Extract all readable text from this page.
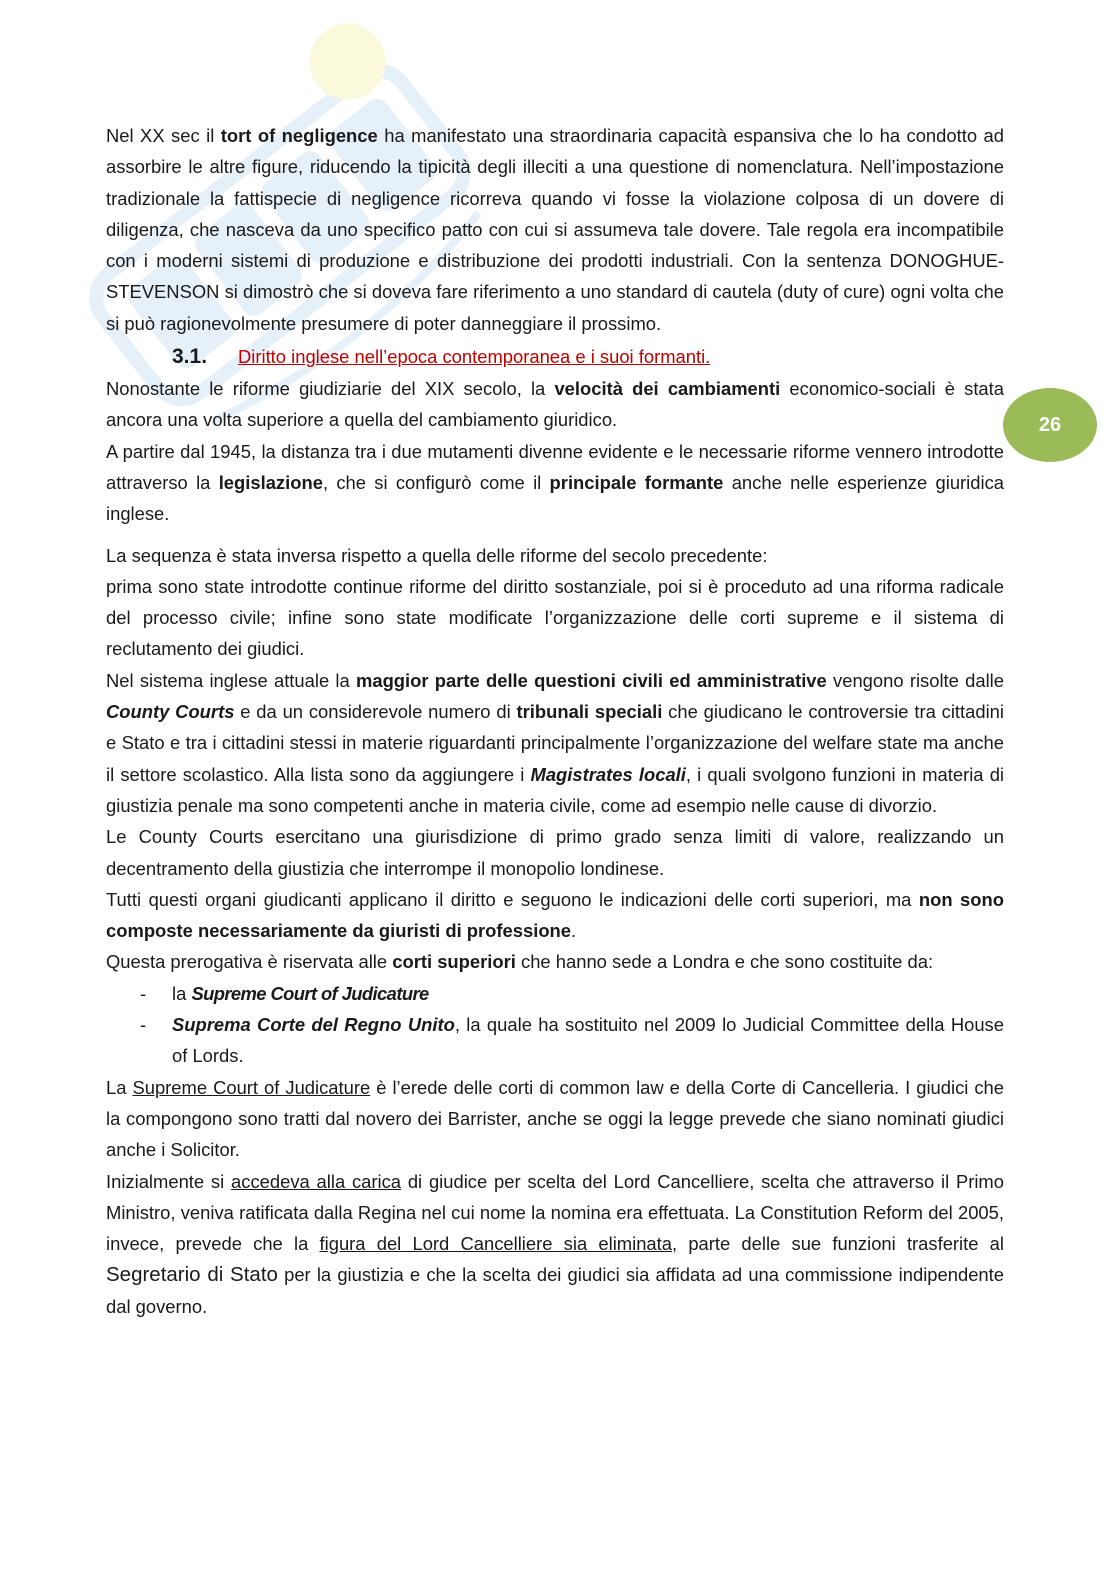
26

Nel XX sec il tort of negligence ha manifestato una straordinaria capacità espansiva che lo ha condotto ad assorbire le altre figure, riducendo la tipicità degli illeciti a una questione di nomenclatura. Nell’impostazione tradizionale la fattispecie di negligence ricorreva quando vi fosse la violazione colposa di un dovere di diligenza, che nasceva da uno specifico patto con cui si assumeva tale dovere. Tale regola era incompatibile con i moderni sistemi di produzione e distribuzione dei prodotti industriali. Con la sentenza DONOGHUE-STEVENSON si dimostrò che si doveva fare riferimento a uno standard di cautela (duty of cure) ogni volta che si può ragionevolmente presumere di poter danneggiare il prossimo.

3.1. Diritto inglese nell’epoca contemporanea e i suoi formanti.

Nonostante le riforme giudiziarie del XIX secolo, la velocità dei cambiamenti economico-sociali è stata ancora una volta superiore a quella del cambiamento giuridico.

A partire dal 1945, la distanza tra i due mutamenti divenne evidente e le necessarie riforme vennero introdotte attraverso la legislazione, che si configurò come il principale formante anche nelle esperienze giuridica inglese.

La sequenza è stata inversa rispetto a quella delle riforme del secolo precedente:

prima sono state introdotte continue riforme del diritto sostanziale, poi si è proceduto ad una riforma radicale del processo civile; infine sono state modificate l’organizzazione delle corti supreme e il sistema di reclutamento dei giudici.

Nel sistema inglese attuale la maggior parte delle questioni civili ed amministrative vengono risolte dalle County Courts e da un considerevole numero di tribunali speciali che giudicano le controversie tra cittadini e Stato e tra i cittadini stessi in materie riguardanti principalmente l’organizzazione del welfare state ma anche il settore scolastico. Alla lista sono da aggiungere i Magistrates locali, i quali svolgono funzioni in materia di giustizia penale ma sono competenti anche in materia civile, come ad esempio nelle cause di divorzio.

Le County Courts esercitano una giurisdizione di primo grado senza limiti di valore, realizzando un decentramento della giustizia che interrompe il monopolio londinese.

Tutti questi organi giudicanti applicano il diritto e seguono le indicazioni delle corti superiori, ma non sono composte necessariamente da giuristi di professione.

Questa prerogativa è riservata alle corti superiori che hanno sede a Londra e che sono costituite da:

- la Supreme Court of Judicature
- Suprema Corte del Regno Unito, la quale ha sostituito nel 2009 lo Judicial Committee della House of Lords.

La Supreme Court of Judicature è l’erede delle corti di common law e della Corte di Cancelleria. I giudici che la compongono sono tratti dal novero dei Barrister, anche se oggi la legge prevede che siano nominati giudici anche i Solicitor.

Inizialmente si accedeva alla carica di giudice per scelta del Lord Cancelliere, scelta che attraverso il Primo Ministro, veniva ratificata dalla Regina nel cui nome la nomina era effettuata. La Constitution Reform del 2005, invece, prevede che la figura del Lord Cancelliere sia eliminata, parte delle sue funzioni trasferite al Segretario di Stato per la giustizia e che la scelta dei giudici sia affidata ad una commissione indipendente dal governo.
